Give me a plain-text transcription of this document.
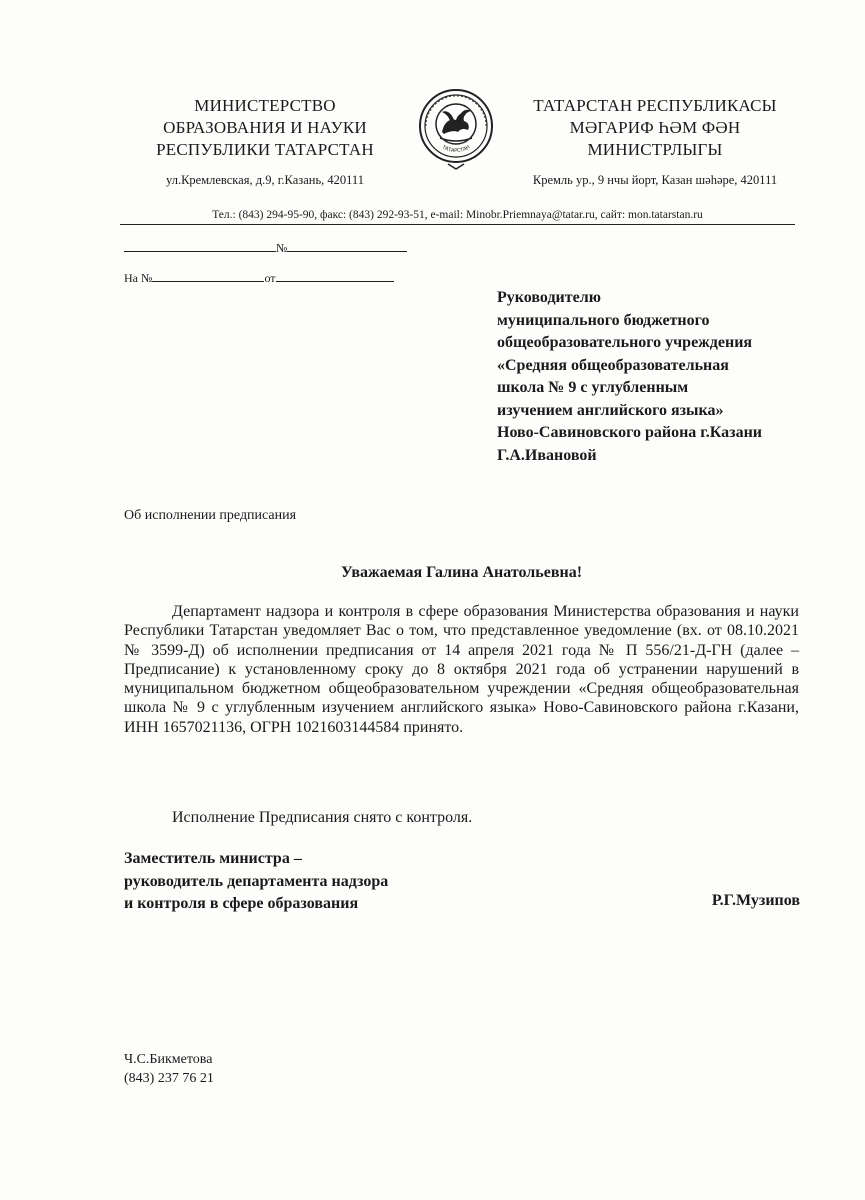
МИНИСТЕРСТВО
ОБРАЗОВАНИЯ И НАУКИ
РЕСПУБЛИКИ ТАТАРСТАН	ТАТАРСТАН
ТАТАРСТАН РЕСПУБЛИКАСЫ
МӘГАРИФ ҺӘМ ФӘН
МИНИСТРЛЫГЫ
ул.Кремлевская, д.9, г.Казань, 420111	Кремль ур., 9 нчы йорт, Казан шәһәре, 420111
Тел.: (843) 294-95-90, факс: (843) 292-93-51, e-mail: Minobr.Priemnaya@tatar.ru, сайт: mon.tatarstan.ru
№
На №	от
Руководителю
муниципального бюджетного
общеобразовательного учреждения
«Средняя общеобразовательная
школа № 9 с углубленным
изучением английского языка»
Ново-Савиновского района г.Казани
Г.А.Ивановой
Об исполнении предписания
Уважаемая Галина Анатольевна!

Департамент надзора и контроля в сфере образования Министерства образования и науки Республики Татарстан уведомляет Вас о том, что представленное уведомление (вх. от 08.10.2021 № 3599-Д) об исполнении предписания от 14 апреля 2021 года № П 556/21-Д-ГН (далее – Предписание) к установленному сроку до 8 октября 2021 года об устранении нарушений в муниципальном бюджетном общеобразовательном учреждении «Средняя общеобразовательная школа № 9 с углубленным изучением английского языка» Ново-Савиновского района г.Казани, ИНН 1657021136, ОГРН 1021603144584 принято.

Исполнение Предписания снято с контроля.

Заместитель министра –
руководитель департамента надзора
и контроля в сфере образования	Р.Г.Музипов
Ч.С.Бикметова
(843) 237 76 21
